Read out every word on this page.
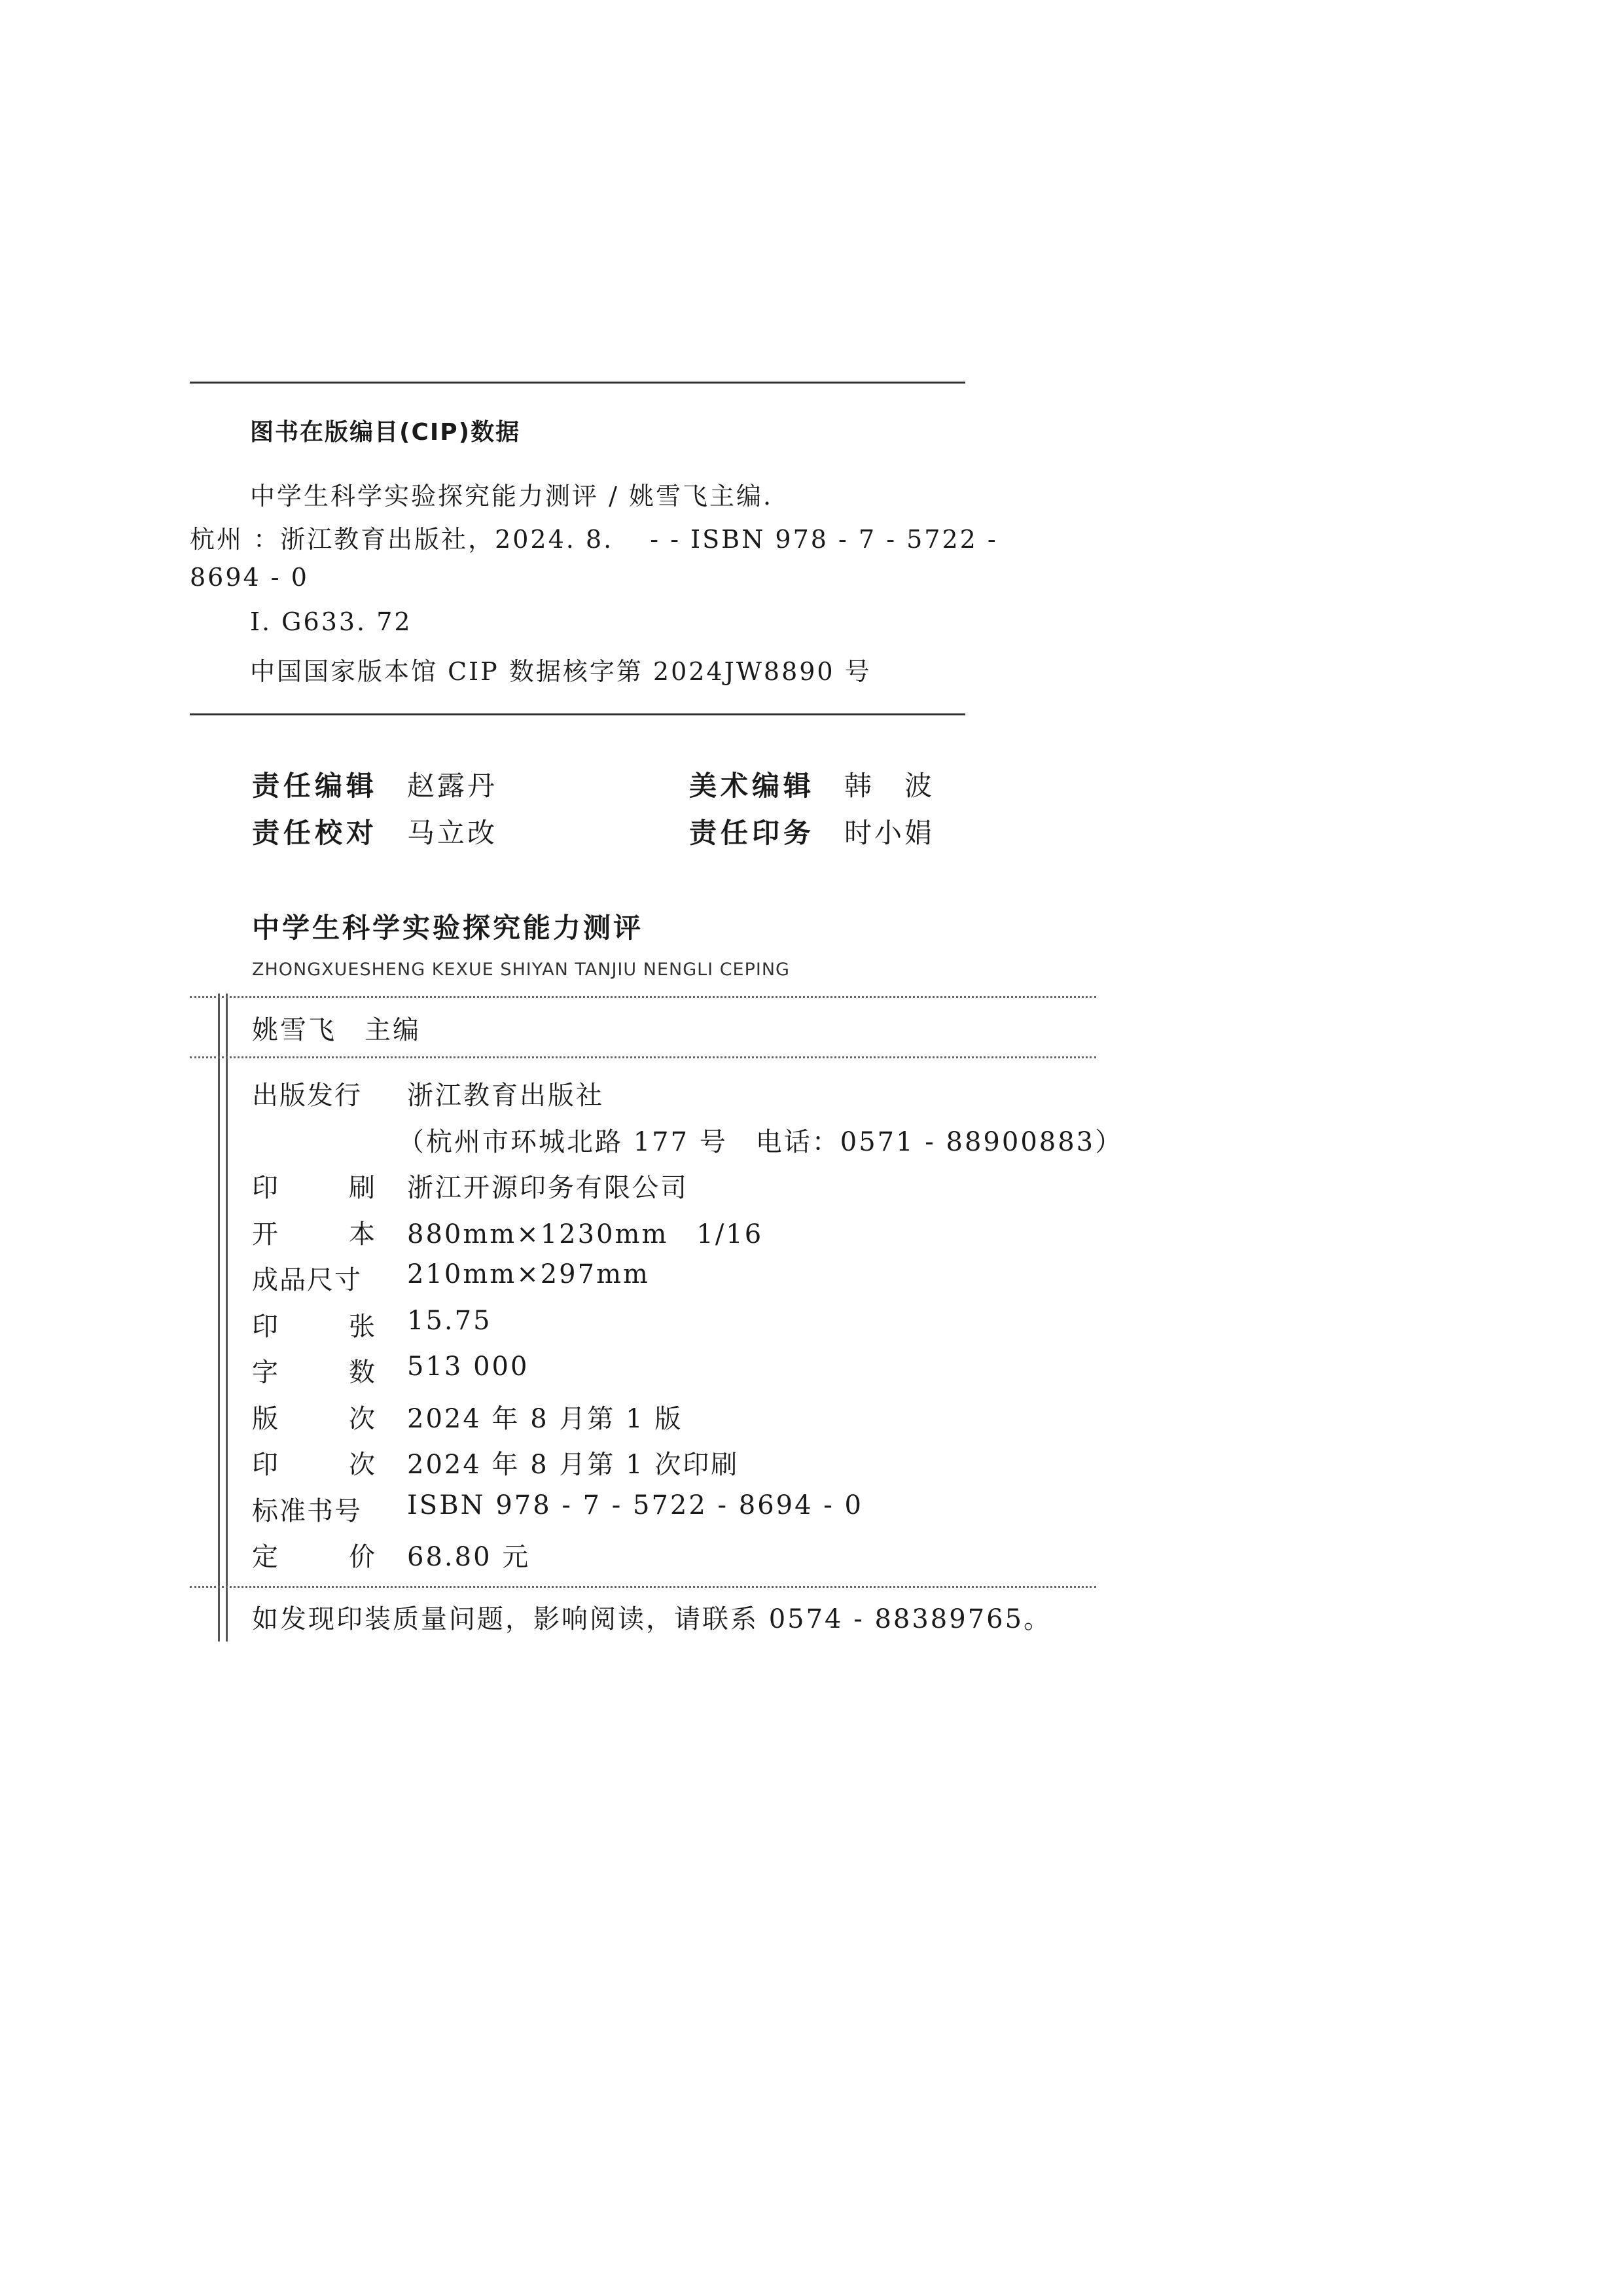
图书在版编目(CIP)数据
中学生科学实验探究能力测评 / 姚雪飞主编.
杭州 ：浙江教育出版社，2024. 8.　 - - ISBN 978 - 7 - 5722 -
8694 - 0
Ⅰ. G633. 72
中国国家版本馆 CIP 数据核字第 2024JW8890 号
责任编辑 赵露丹	美术编辑 韩　波
责任校对 马立改	责任印务 时小娟
中学生科学实验探究能力测评
ZHONGXUESHENG KEXUE SHIYAN TANJIU NENGLI CEPING
姚雪飞　主编
出版发行 浙江教育出版社
（杭州市环城北路 177 号　电话：0571 - 88900883）
印	刷 浙江开源印务有限公司
开	本 880mm×1230mm　1/16
成品尺寸 210mm×297mm
印	张 15.75
字	数 513 000
版	次 2024 年 8 月第 1 版
印	次 2024 年 8 月第 1 次印刷
标准书号 ISBN 978 - 7 - 5722 - 8694 - 0
定	价 68.80 元
如发现印装质量问题，影响阅读，请联系 0574 - 88389765。
